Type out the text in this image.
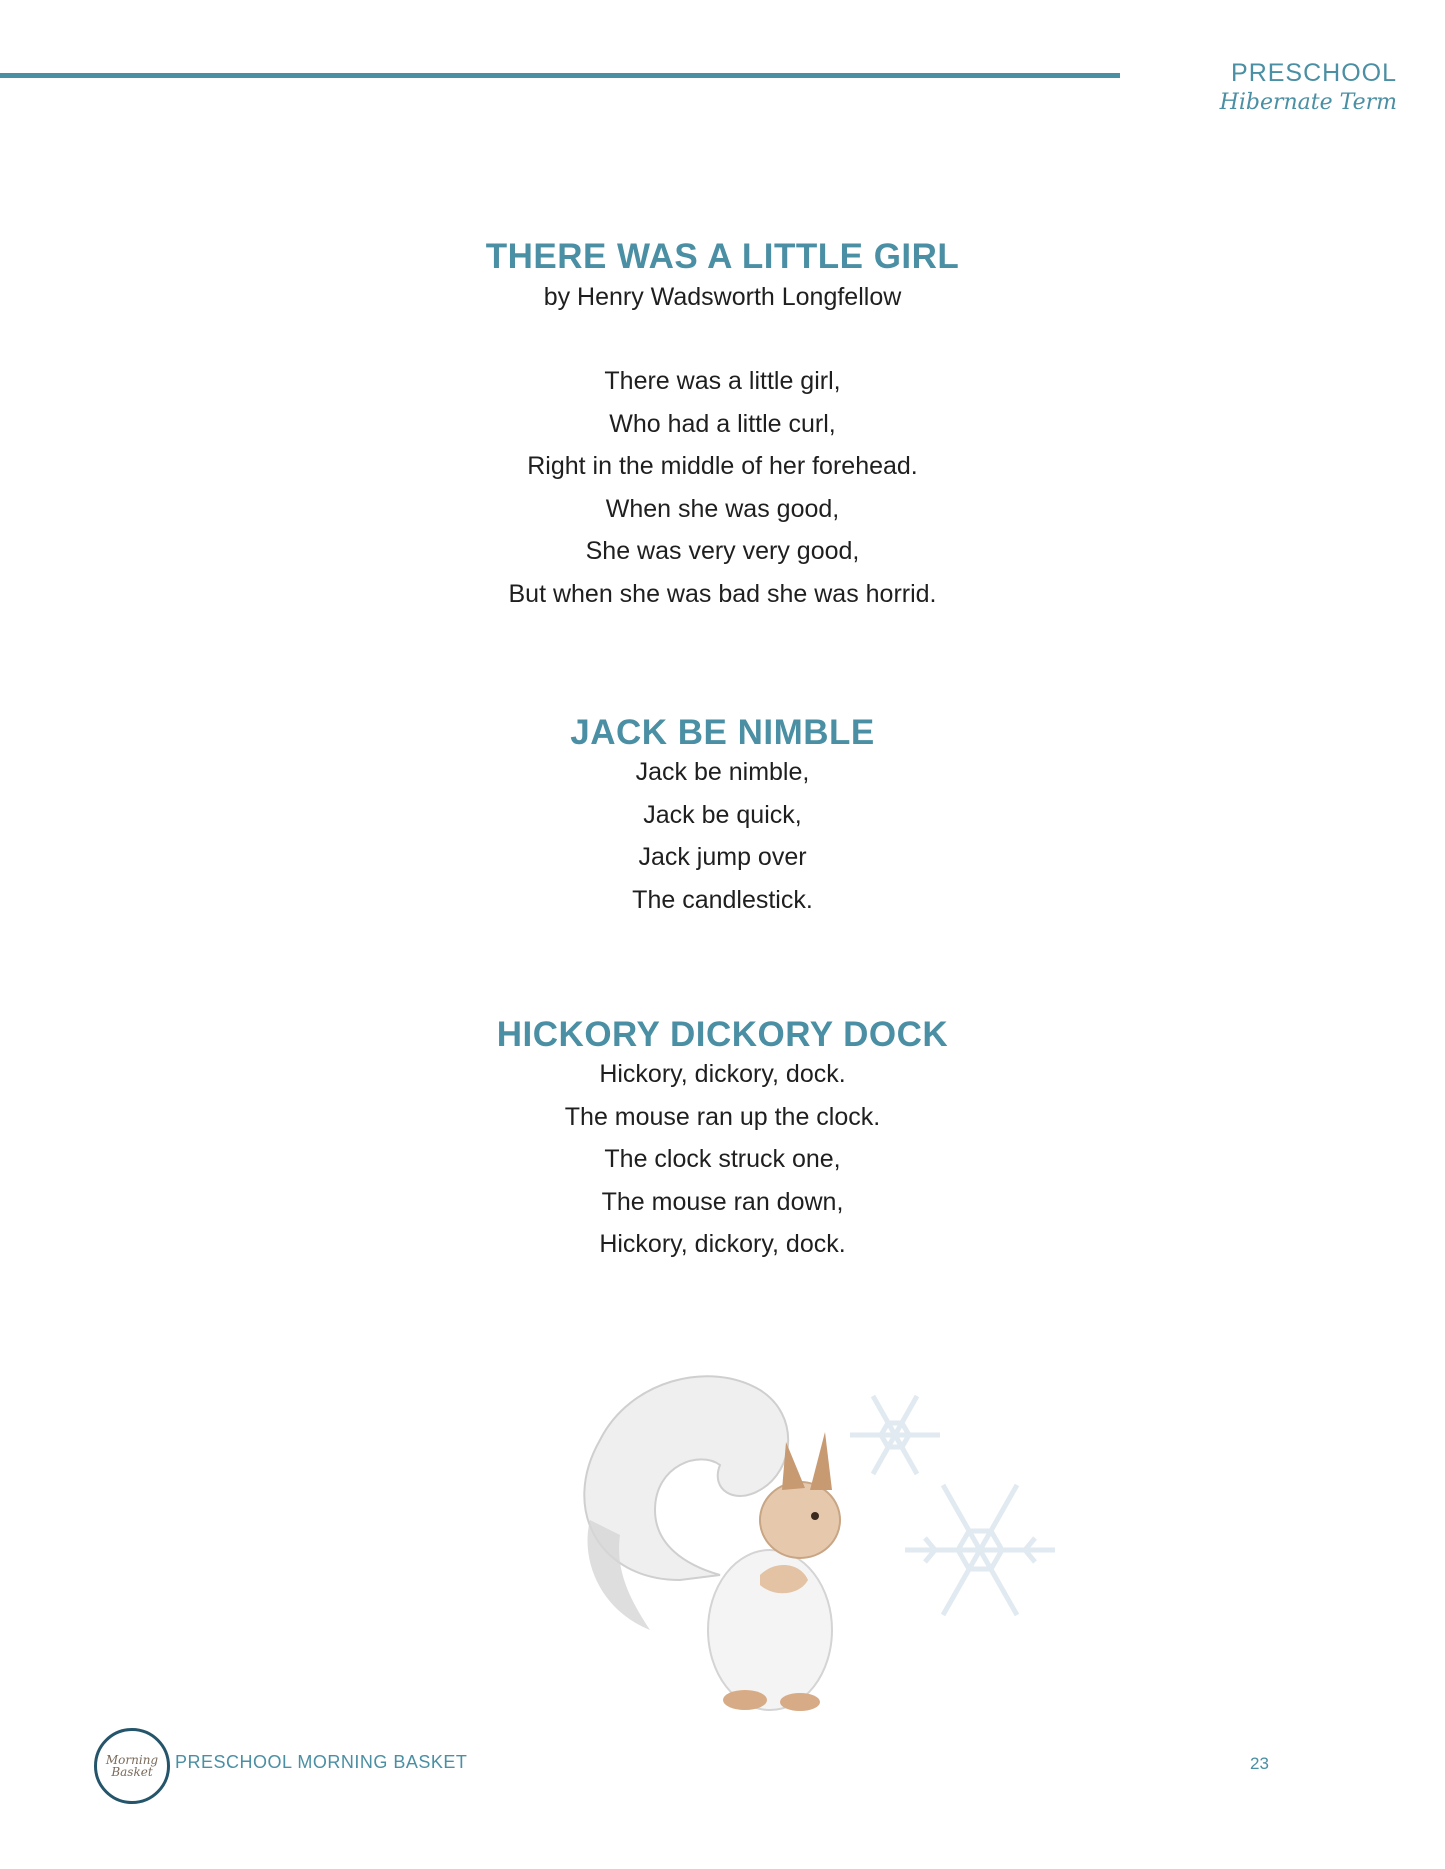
PRESCHOOL
Hibernate Term
THERE WAS A LITTLE GIRL

by Henry Wadsworth Longfellow

There was a little girl,
Who had a little curl,
Right in the middle of her forehead.
When she was good,
She was very very good,
But when she was bad she was horrid.
JACK BE NIMBLE
Jack be nimble,
Jack be quick,
Jack jump over
The candlestick.
HICKORY DICKORY DOCK
Hickory, dickory, dock.
The mouse ran up the clock.
The clock struck one,
The mouse ran down,
Hickory, dickory, dock.
Morning Basket	PRESCHOOL MORNING BASKET	23
